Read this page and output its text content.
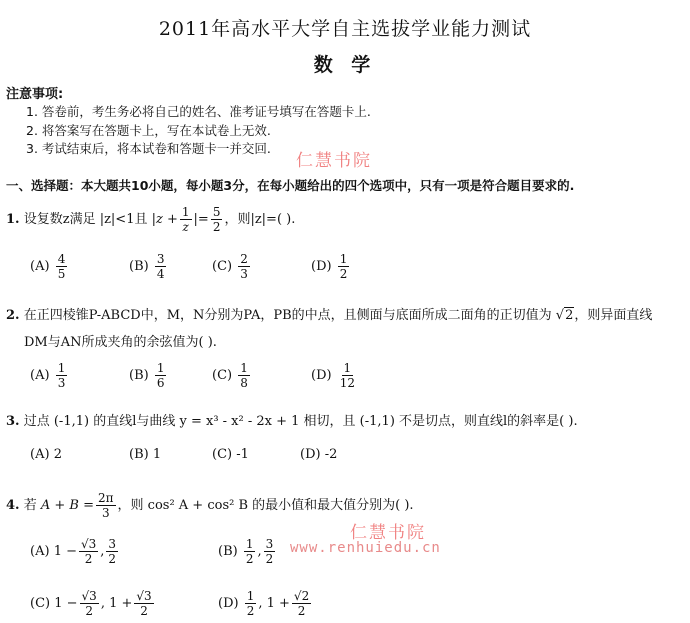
2011年高水平大学自主选拔学业能力测试
数 学
注意事项:
1. 答卷前，考生务必将自己的姓名、准考证号填写在答题卡上.
2. 将答案写在答题卡上，写在本试卷上无效.
3. 考试结束后，将本试卷和答题卡一并交回.
仁慧书院
一、选择题：本大题共10小题，每小题3分，在每小题给出的四个选项中，只有一项是符合题目要求的.
1. 设复数z满足 |z|<1且 $|z + \frac{1}{z}$ |= $\frac{5}{2}$ ，则|z|=( ).
$(A) \frac{4}{5}$	$(B) \frac{3}{4}$	$(C) \frac{2}{3}$	$(D) \frac{1}{2}$
2. 在正四棱锥P-ABCD中，M，N分别为PA，PB的中点，且侧面与底面所成二面角的正切值为 √2，则异面直线
DM与AN所成夹角的余弦值为( ).
$(A) \frac{1}{3}$	$(B) \frac{1}{6}$	$(C) \frac{1}{8}$	$(D) \frac{1}{12}$
3. 过点 (-1,1) 的直线l与曲线 y = x³ - x² - 2x + 1 相切，且 (-1,1) 不是切点，则直线l的斜率是( ).
(A) 2	(B) 1	(C) -1	(D) -2
4. 若 $A + B = \frac{2\pi}{3}$ ，则 cos² A + cos² B 的最小值和最大值分别为( ).
仁慧书院
www.renhuiedu.cn
(A) $1 - \frac{√3}{2}$ , $\frac{3}{2}$	$(B) \frac{1}{2}$ , $\frac{3}{2}$
(C) $1 - \frac{√3}{2}$ , $1 + \frac{√3}{2}$	$(D) \frac{1}{2}$ , $1 + \frac{√2}{2}$
